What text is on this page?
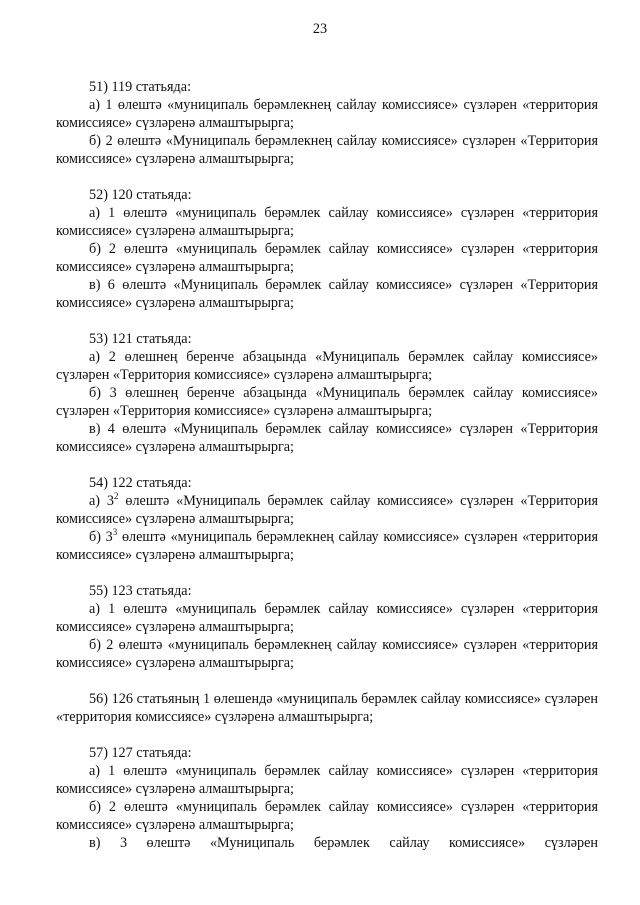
23

51) 119 статьяда:

а) 1 өлештә «муниципаль берәмлекнең сайлау комиссиясе» сүзләрен «территория комиссиясе» сүзләренә алмаштырырга;

б) 2 өлештә «Муниципаль берәмлекнең сайлау комиссиясе» сүзләрен «Территория комиссиясе» сүзләренә алмаштырырга;

52) 120 статьяда:

а) 1 өлештә «муниципаль берәмлек сайлау комиссиясе» сүзләрен «территория комиссиясе» сүзләренә алмаштырырга;

б) 2 өлештә «муниципаль берәмлек сайлау комиссиясе» сүзләрен «территория комиссиясе» сүзләренә алмаштырырга;

в) 6 өлештә «Муниципаль берәмлек сайлау комиссиясе» сүзләрен «Территория комиссиясе» сүзләренә алмаштырырга;

53) 121 статьяда:

а) 2 өлешнең беренче абзацында «Муниципаль берәмлек сайлау комиссиясе» сүзләрен «Территория комиссиясе» сүзләренә алмаштырырга;

б) 3 өлешнең беренче абзацында «Муниципаль берәмлек сайлау комиссиясе» сүзләрен «Территория комиссиясе» сүзләренә алмаштырырга;

в) 4 өлештә «Муниципаль берәмлек сайлау комиссиясе» сүзләрен «Территория комиссиясе» сүзләренә алмаштырырга;

54) 122 статьяда:

а) $3^2$ өлештә «Муниципаль берәмлек сайлау комиссиясе» сүзләрен «Территория комиссиясе» сүзләренә алмаштырырга;

б) $3^3$ өлештә «муниципаль берәмлекнең сайлау комиссиясе» сүзләрен «территория комиссиясе» сүзләренә алмаштырырга;

55) 123 статьяда:

а) 1 өлештә «муниципаль берәмлек сайлау комиссиясе» сүзләрен «территория комиссиясе» сүзләренә алмаштырырга;

б) 2 өлештә «муниципаль берәмлекнең сайлау комиссиясе» сүзләрен «территория комиссиясе» сүзләренә алмаштырырга;

56) 126 статьяның 1 өлешендә «муниципаль берәмлек сайлау комиссиясе» сүзләрен «территория комиссиясе» сүзләренә алмаштырырга;

57) 127 статьяда:

а) 1 өлештә «муниципаль берәмлек сайлау комиссиясе» сүзләрен «территория комиссиясе» сүзләренә алмаштырырга;

б) 2 өлештә «муниципаль берәмлек сайлау комиссиясе» сүзләрен «территория комиссиясе» сүзләренә алмаштырырга;

в) 3 өлештә «Муниципаль берәмлек сайлау комиссиясе» сүзләрен
